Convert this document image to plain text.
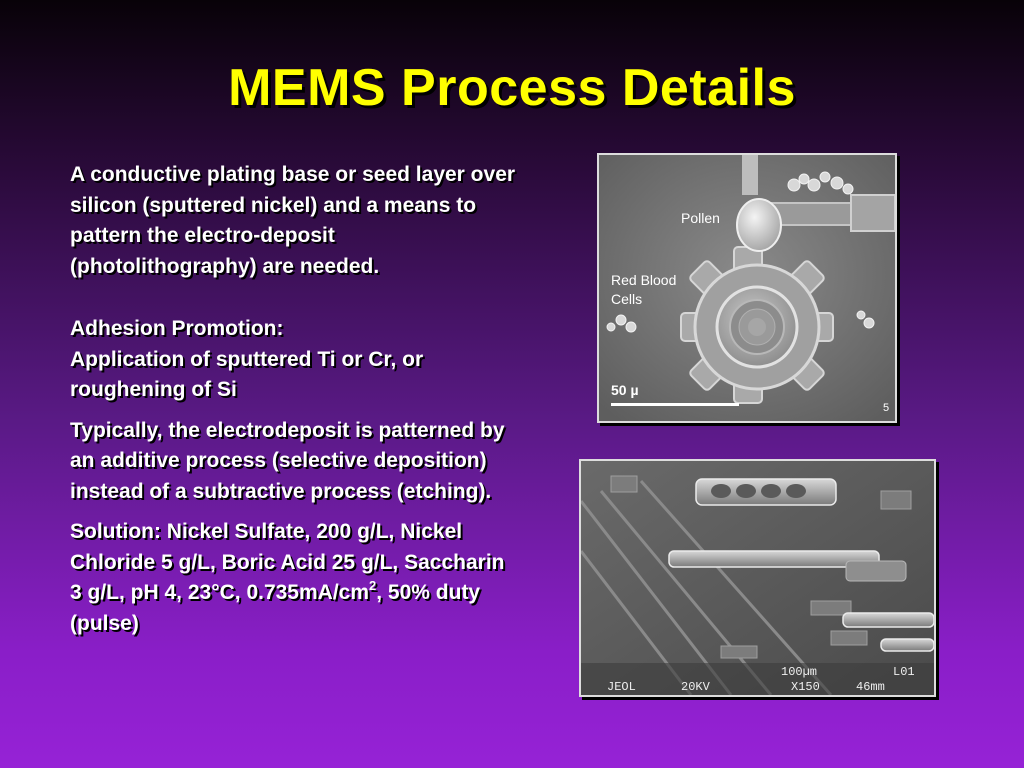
MEMS Process Details

A conductive plating base or seed layer over silicon (sputtered nickel) and a means to pattern the electro-deposit (photolithography) are needed.

Adhesion Promotion:
Application of sputtered Ti or Cr, or roughening of Si

Typically, the electrodeposit is patterned by an additive process (selective deposition) instead of a subtractive process (etching).

Solution: Nickel Sulfate, 200 g/L, Nickel Chloride 5 g/L, Boric Acid 25 g/L, Saccharin 3 g/L, pH 4, 23°C, $0.735mA/cm^2$, 50% duty (pulse)

Pollen
Red Blood
Cells
50 µ
5
100µm	L01
JEOL	20KV	X150	46mm
